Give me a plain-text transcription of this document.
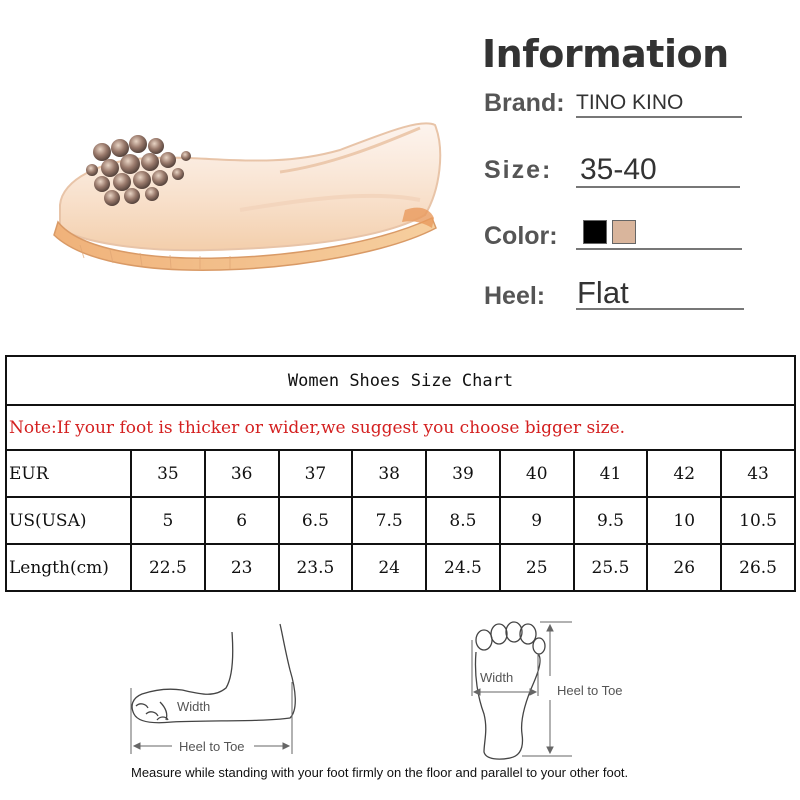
Information
Brand: TINO KINO
Size: 35-40
Color:
Heel: Flat
Women Shoes Size Chart									
Note:If your foot is thicker or wider,we suggest you choose bigger size.									
EUR	35	36	37	38	39	40	41	42	43
US(USA)	5	6	6.5	7.5	8.5	9	9.5	10	10.5
Length(cm)	22.5	23	23.5	24	24.5	25	25.5	26	26.5
Width
Heel to Toe
Width
Heel to Toe
Measure while standing with your foot firmly on the floor and parallel to your other foot.
